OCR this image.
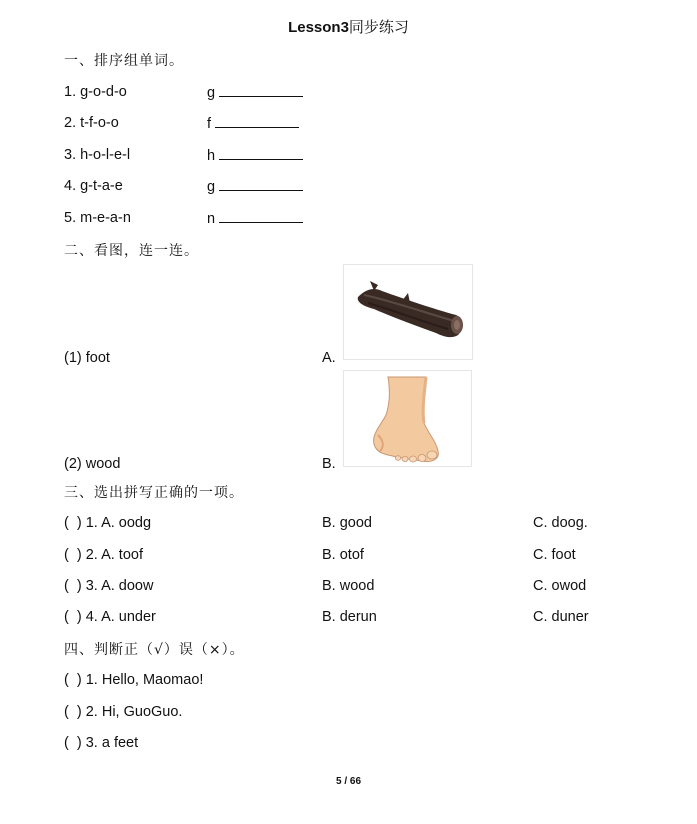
Lesson3同步练习
一、排序组单词。
1. g-o-d-o	g
2. t-f-o-o	f
3. h-o-l-e-l	h
4. g-t-a-e	g
5. m-e-a-n	n
二、看图，连一连。
(1) foot	A.
(2) wood	B.
三、选出拼写正确的一项。
(  ) 1. A. oodg	B. good	C. doog.
(  ) 2. A. toof	B. otof	C. foot
(  ) 3. A. doow	B. wood	C. owod
(  ) 4. A. under	B. derun	C. duner
四、判断正（√）误（×）。
(  ) 1. Hello, Maomao!
(  ) 2. Hi, GuoGuo.
(  ) 3. a feet
5 / 66
